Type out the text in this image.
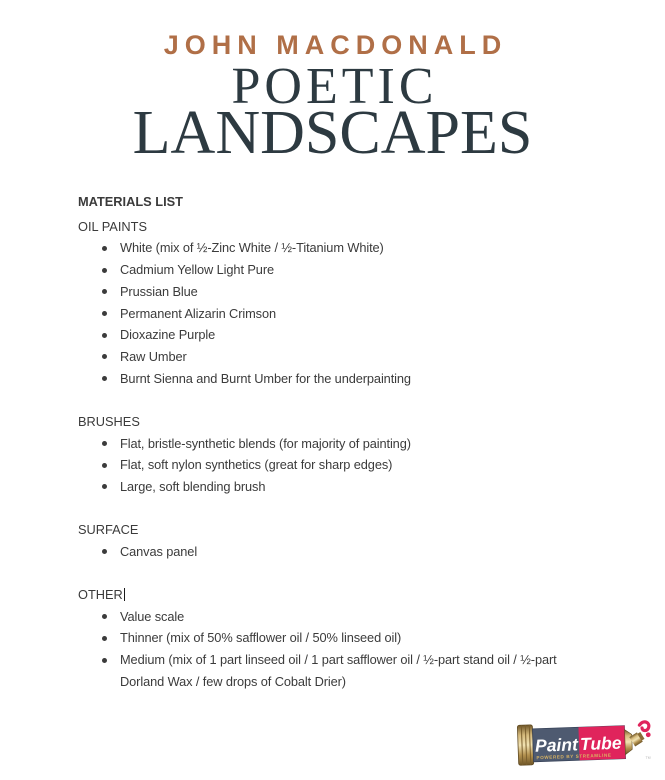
JOHN MACDONALD
POETIC
LANDSCAPES
MATERIALS LIST
OIL PAINTS
White (mix of ½-Zinc White / ½-Titanium White)
Cadmium Yellow Light Pure
Prussian Blue
Permanent Alizarin Crimson
Dioxazine Purple
Raw Umber
Burnt Sienna and Burnt Umber for the underpainting
BRUSHES
Flat, bristle-synthetic blends (for majority of painting)
Flat, soft nylon synthetics (great for sharp edges)
Large, soft blending brush
SURFACE
Canvas panel
OTHER
Value scale
Thinner (mix of 50% safflower oil / 50% linseed oil)
Medium (mix of 1 part linseed oil / 1 part safflower oil / ½-part stand oil / ½-part Dorland Wax / few drops of Cobalt Drier)
Paint Tube
POWERED BY STREAMLINE	TM
